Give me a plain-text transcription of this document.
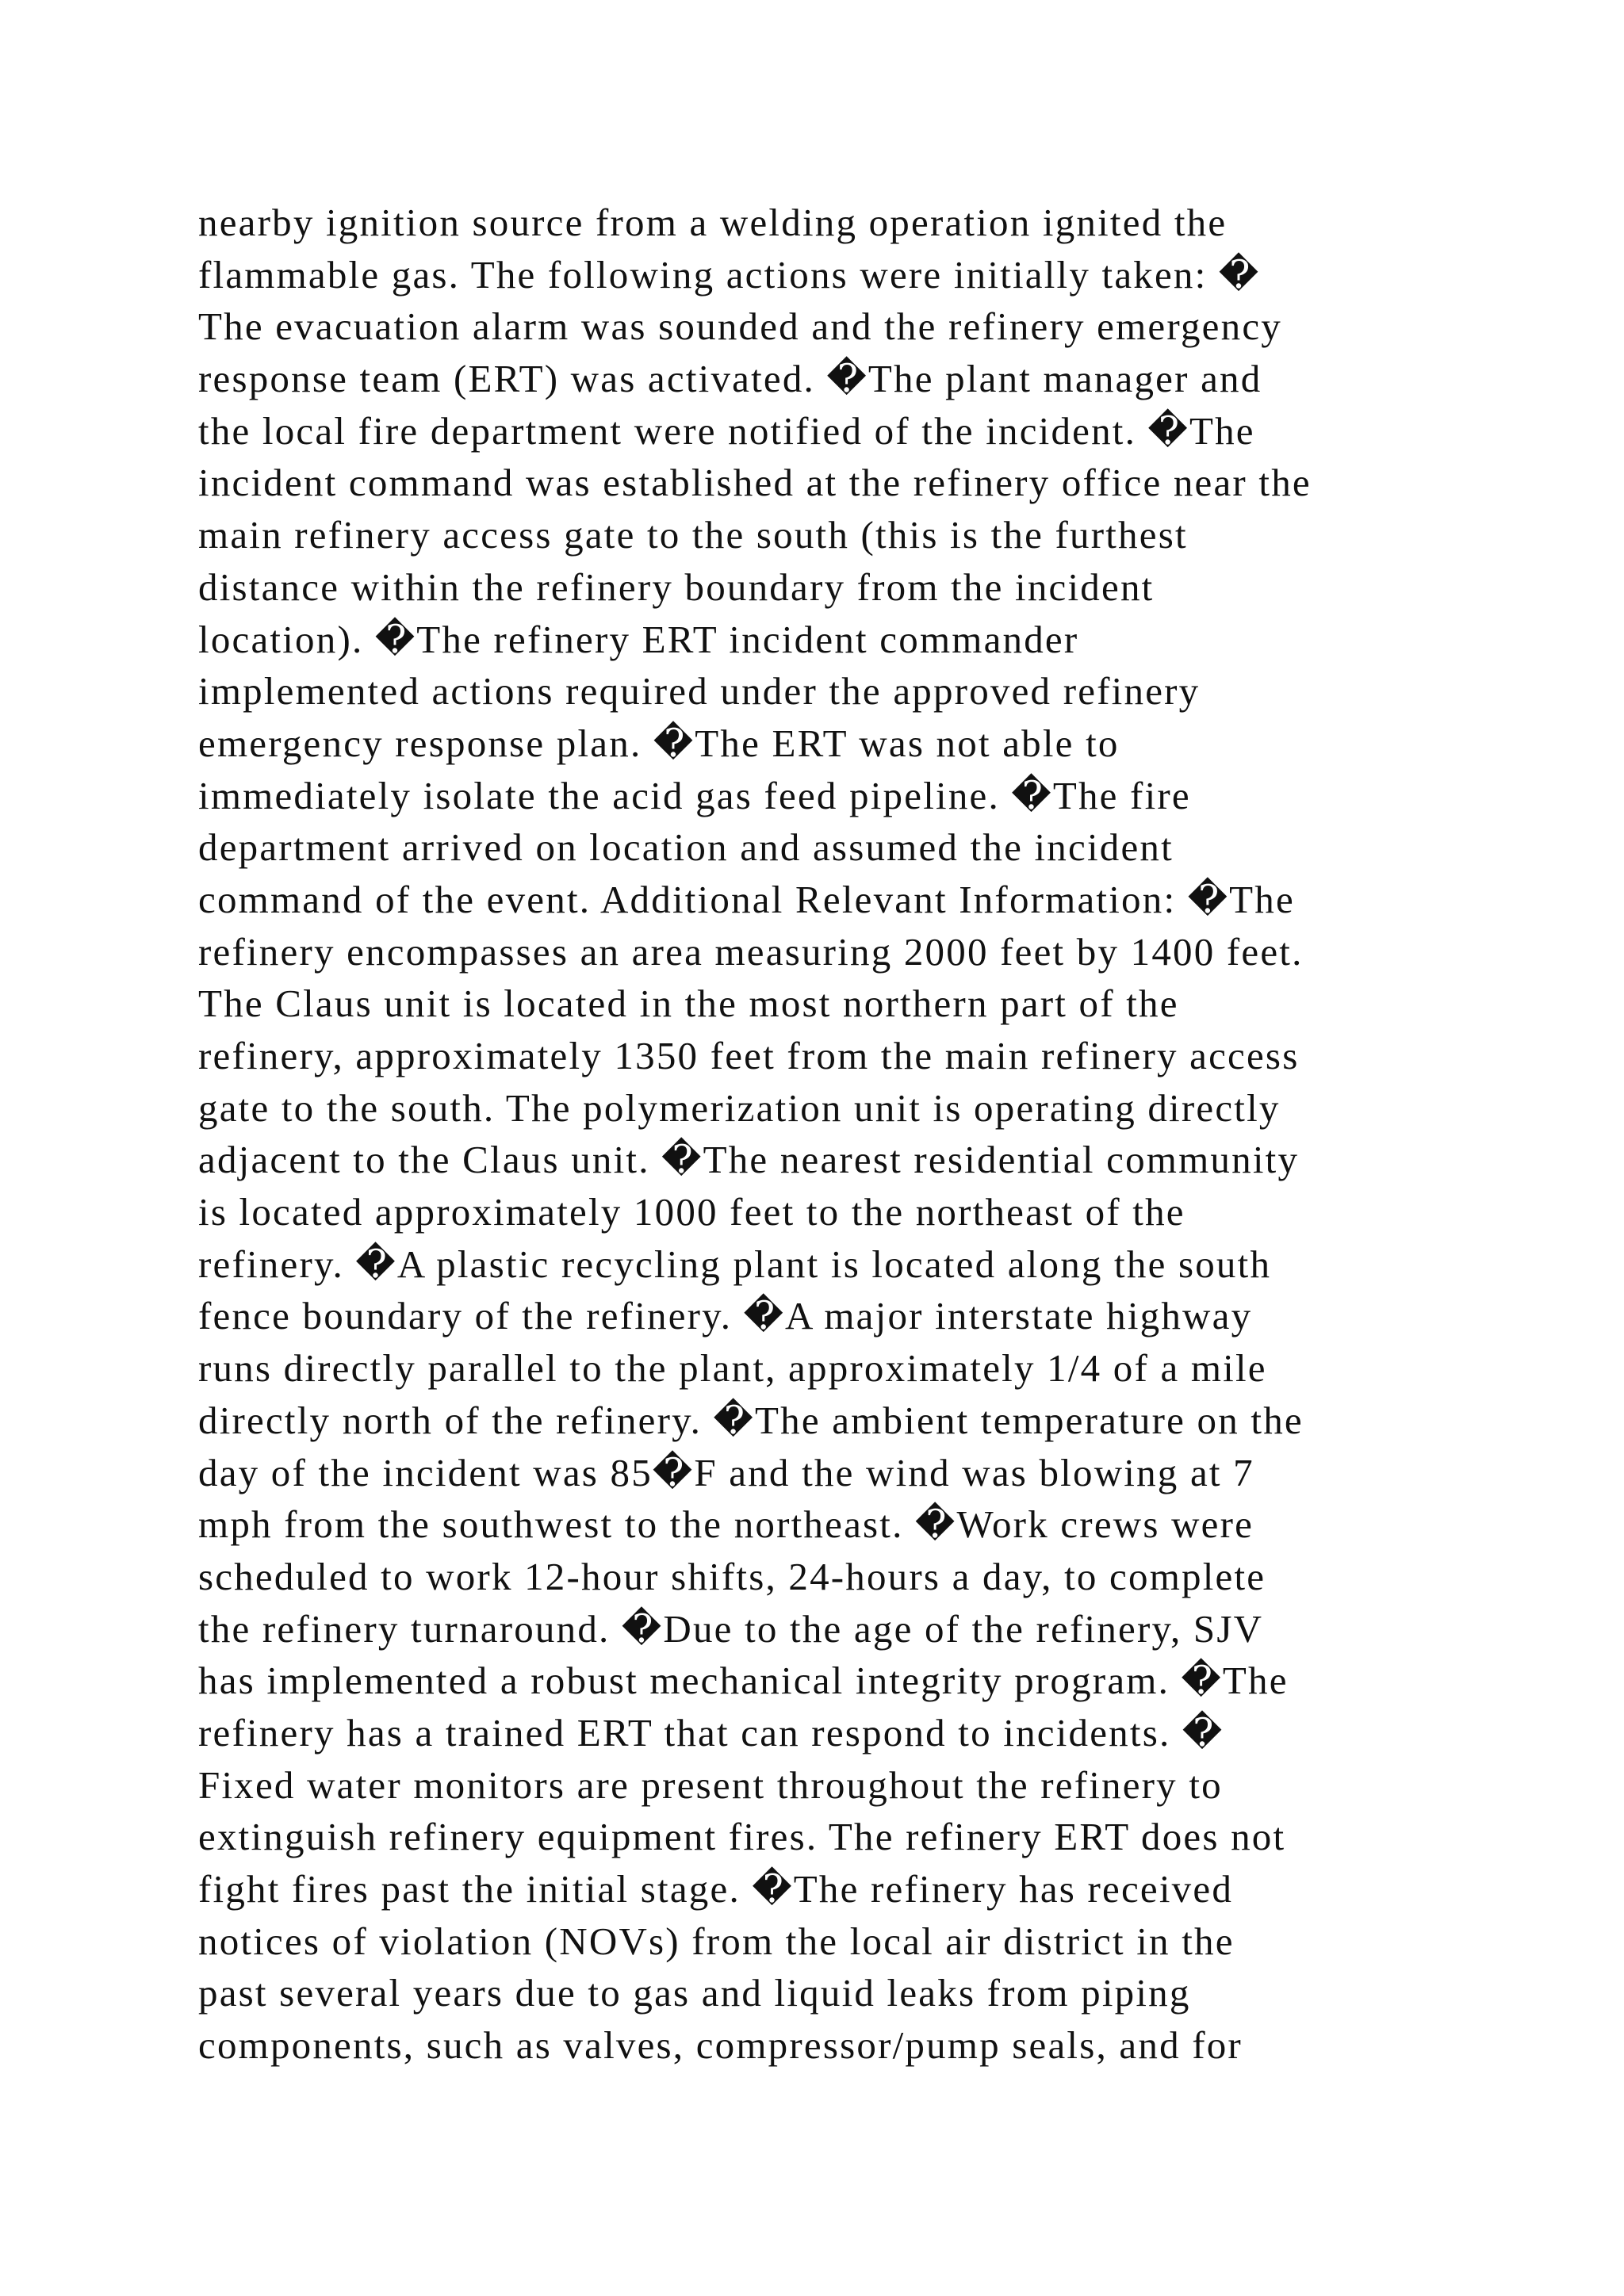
nearby ignition source from a welding operation ignited the
flammable gas. The following actions were initially taken: �
The evacuation alarm was sounded and the refinery emergency
response team (ERT) was activated. �The plant manager and
the local fire department were notified of the incident. �The
incident command was established at the refinery office near the
main refinery access gate to the south (this is the furthest
distance within the refinery boundary from the incident
location). �The refinery ERT incident commander
implemented actions required under the approved refinery
emergency response plan. �The ERT was not able to
immediately isolate the acid gas feed pipeline. �The fire
department arrived on location and assumed the incident
command of the event. Additional Relevant Information: �The
refinery encompasses an area measuring 2000 feet by 1400 feet.
The Claus unit is located in the most northern part of the
refinery, approximately 1350 feet from the main refinery access
gate to the south. The polymerization unit is operating directly
adjacent to the Claus unit. �The nearest residential community
is located approximately 1000 feet to the northeast of the
refinery. �A plastic recycling plant is located along the south
fence boundary of the refinery. �A major interstate highway
runs directly parallel to the plant, approximately 1/4 of a mile
directly north of the refinery. �The ambient temperature on the
day of the incident was 85�F and the wind was blowing at 7
mph from the southwest to the northeast. �Work crews were
scheduled to work 12-hour shifts, 24-hours a day, to complete
the refinery turnaround. �Due to the age of the refinery, SJV
has implemented a robust mechanical integrity program. �The
refinery has a trained ERT that can respond to incidents. �
Fixed water monitors are present throughout the refinery to
extinguish refinery equipment fires. The refinery ERT does not
fight fires past the initial stage. �The refinery has received
notices of violation (NOVs) from the local air district in the
past several years due to gas and liquid leaks from piping
components, such as valves, compressor/pump seals, and for
